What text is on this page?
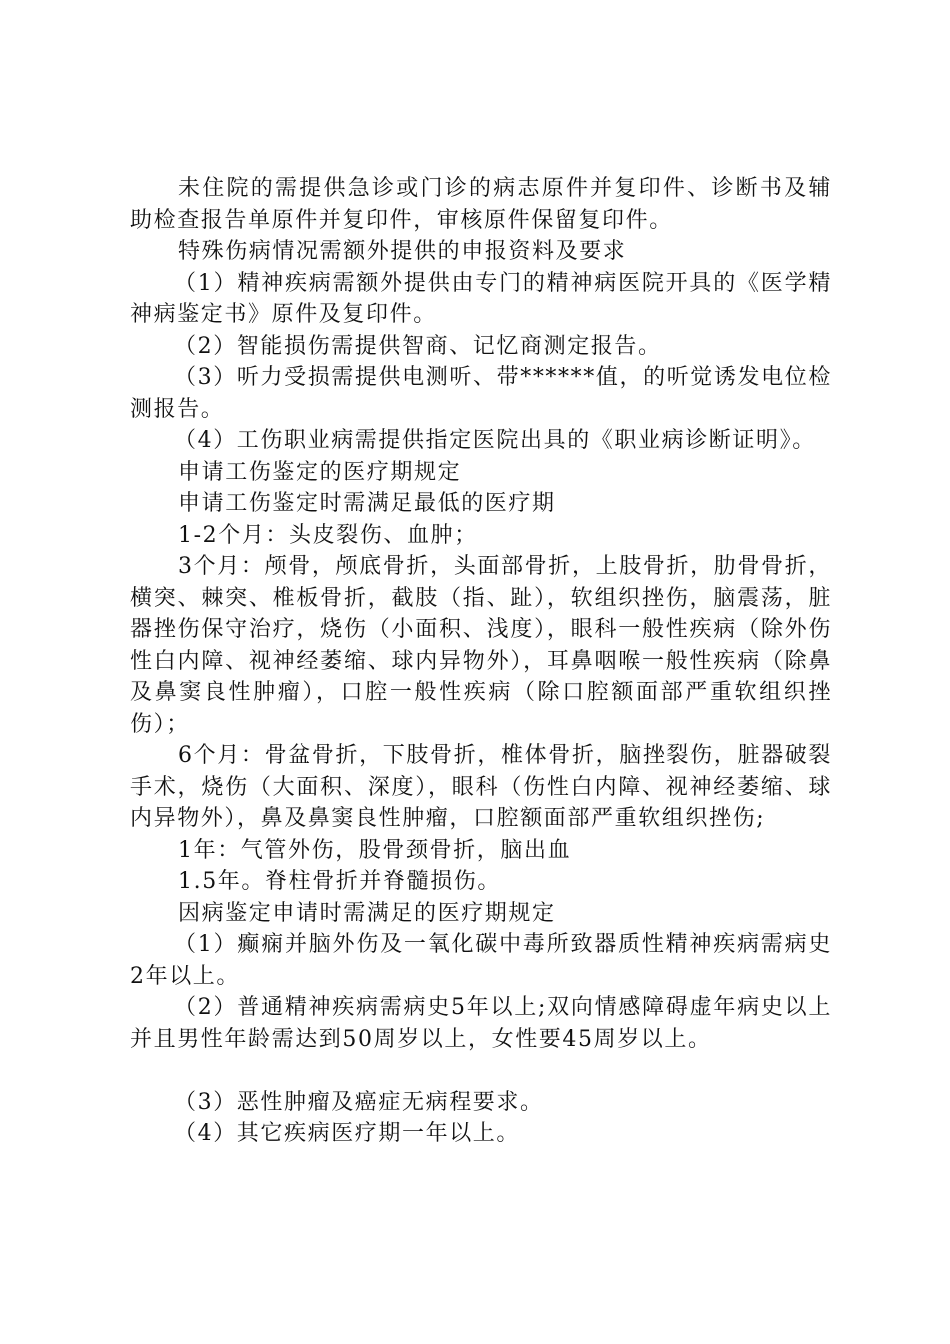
未住院的需提供急诊或门诊的病志原件并复印件、诊断书及辅助检查报告单原件并复印件，审核原件保留复印件。

特殊伤病情况需额外提供的申报资料及要求

（1）精神疾病需额外提供由专门的精神病医院开具的《医学精神病鉴定书》原件及复印件。

（2）智能损伤需提供智商、记忆商测定报告。

（3）听力受损需提供电测听、带******值，的听觉诱发电位检测报告。

（4）工伤职业病需提供指定医院出具的《职业病诊断证明》。

申请工伤鉴定的医疗期规定

申请工伤鉴定时需满足最低的医疗期

1-2个月：头皮裂伤、血肿；

3个月：颅骨，颅底骨折，头面部骨折，上肢骨折，肋骨骨折，横突、棘突、椎板骨折，截肢（指、趾），软组织挫伤，脑震荡，脏器挫伤保守治疗，烧伤（小面积、浅度），眼科一般性疾病（除外伤性白内障、视神经萎缩、球内异物外），耳鼻咽喉一般性疾病（除鼻及鼻窦良性肿瘤），口腔一般性疾病（除口腔额面部严重软组织挫伤）；

6个月：骨盆骨折，下肢骨折，椎体骨折，脑挫裂伤，脏器破裂手术，烧伤（大面积、深度），眼科（伤性白内障、视神经萎缩、球内异物外），鼻及鼻窦良性肿瘤，口腔额面部严重软组织挫伤;

1年：气管外伤，股骨颈骨折，脑出血

1.5年。脊柱骨折并脊髓损伤。

因病鉴定申请时需满足的医疗期规定

（1）癫痫并脑外伤及一氧化碳中毒所致器质性精神疾病需病史2年以上。

（2）普通精神疾病需病史5年以上;双向情感障碍虚年病史以上并且男性年龄需达到50周岁以上，女性要45周岁以上。

（3）恶性肿瘤及癌症无病程要求。

（4）其它疾病医疗期一年以上。
